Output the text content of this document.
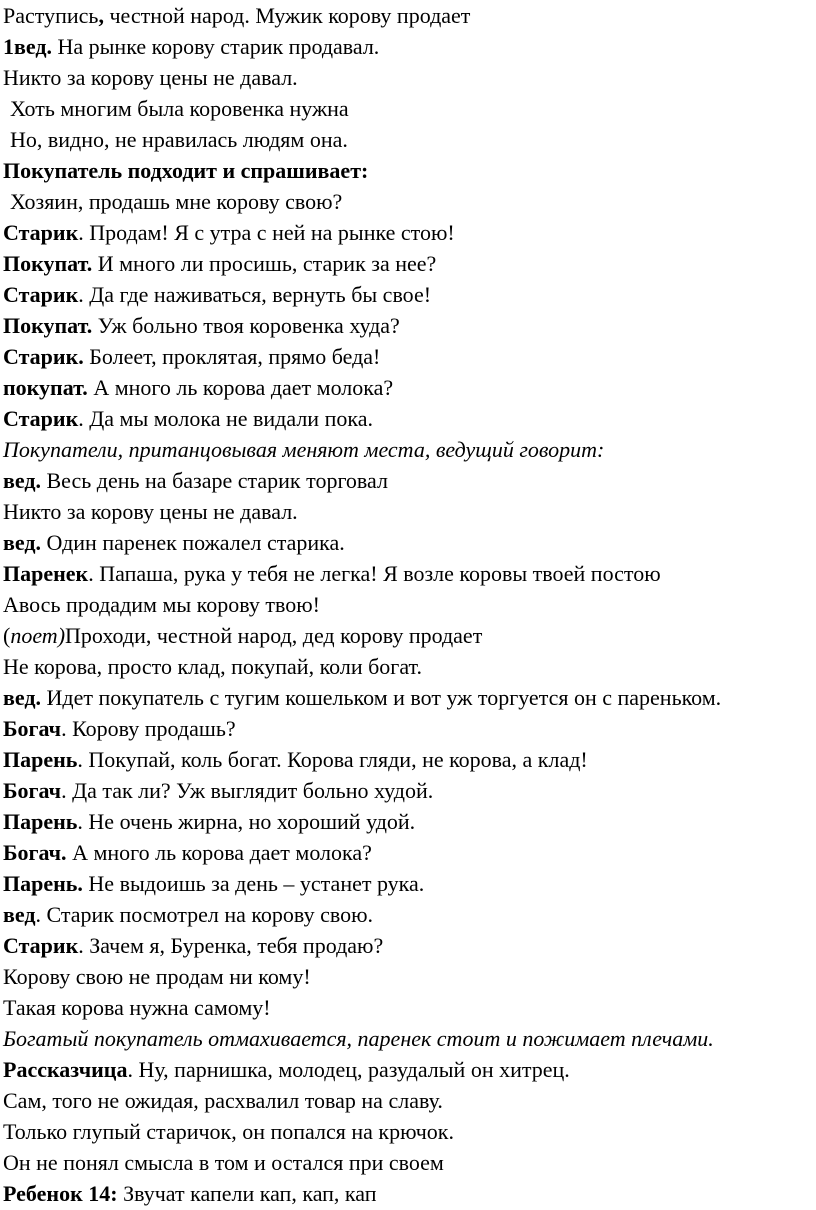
Раступись, честной народ. Мужик корову продает
1вед. На рынке корову старик продавал.
Никто за корову цены не давал.
Хоть многим была коровенка нужна
Но, видно, не нравилась людям она.
Покупатель подходит и спрашивает:
Хозяин, продашь мне корову свою?
Старик. Продам! Я с утра с ней на рынке стою!
Покупат. И много ли просишь, старик за нее?
Старик. Да где наживаться, вернуть бы свое!
Покупат. Уж больно твоя коровенка худа?
Старик. Болеет, проклятая, прямо беда!
покупат. А много ль корова дает молока?
Старик. Да мы молока не видали пока.
Покупатели, пританцовывая меняют места, ведущий говорит:
вед. Весь день на базаре старик торговал
Никто за корову цены не давал.
вед. Один паренек пожалел старика.
Паренек. Папаша, рука у тебя не легка! Я возле коровы твоей постою
Авось продадим мы корову твою!
(поет)Проходи, честной народ, дед корову продает
Не корова, просто клад, покупай, коли богат.
вед. Идет покупатель с тугим кошельком и вот уж торгуется он с пареньком.
Богач. Корову продашь?
Парень. Покупай, коль богат. Корова гляди, не корова, а клад!
Богач. Да так ли? Уж выглядит больно худой.
Парень. Не очень жирна, но хороший удой.
Богач. А много ль корова дает молока?
Парень. Не выдоишь за день – устанет рука.
вед. Старик посмотрел на корову свою.
Старик. Зачем я, Буренка, тебя продаю?
Корову свою не продам ни кому!
Такая корова нужна самому!
Богатый покупатель отмахивается, паренек стоит и пожимает плечами.
Рассказчица. Ну, парнишка, молодец, разудалый он хитрец.
Сам, того не ожидая, расхвалил товар на славу.
Только глупый старичок, он попался на крючок.
Он не понял смысла в том и остался при своем
Ребенок 14: Звучат капели кап, кап, кап
